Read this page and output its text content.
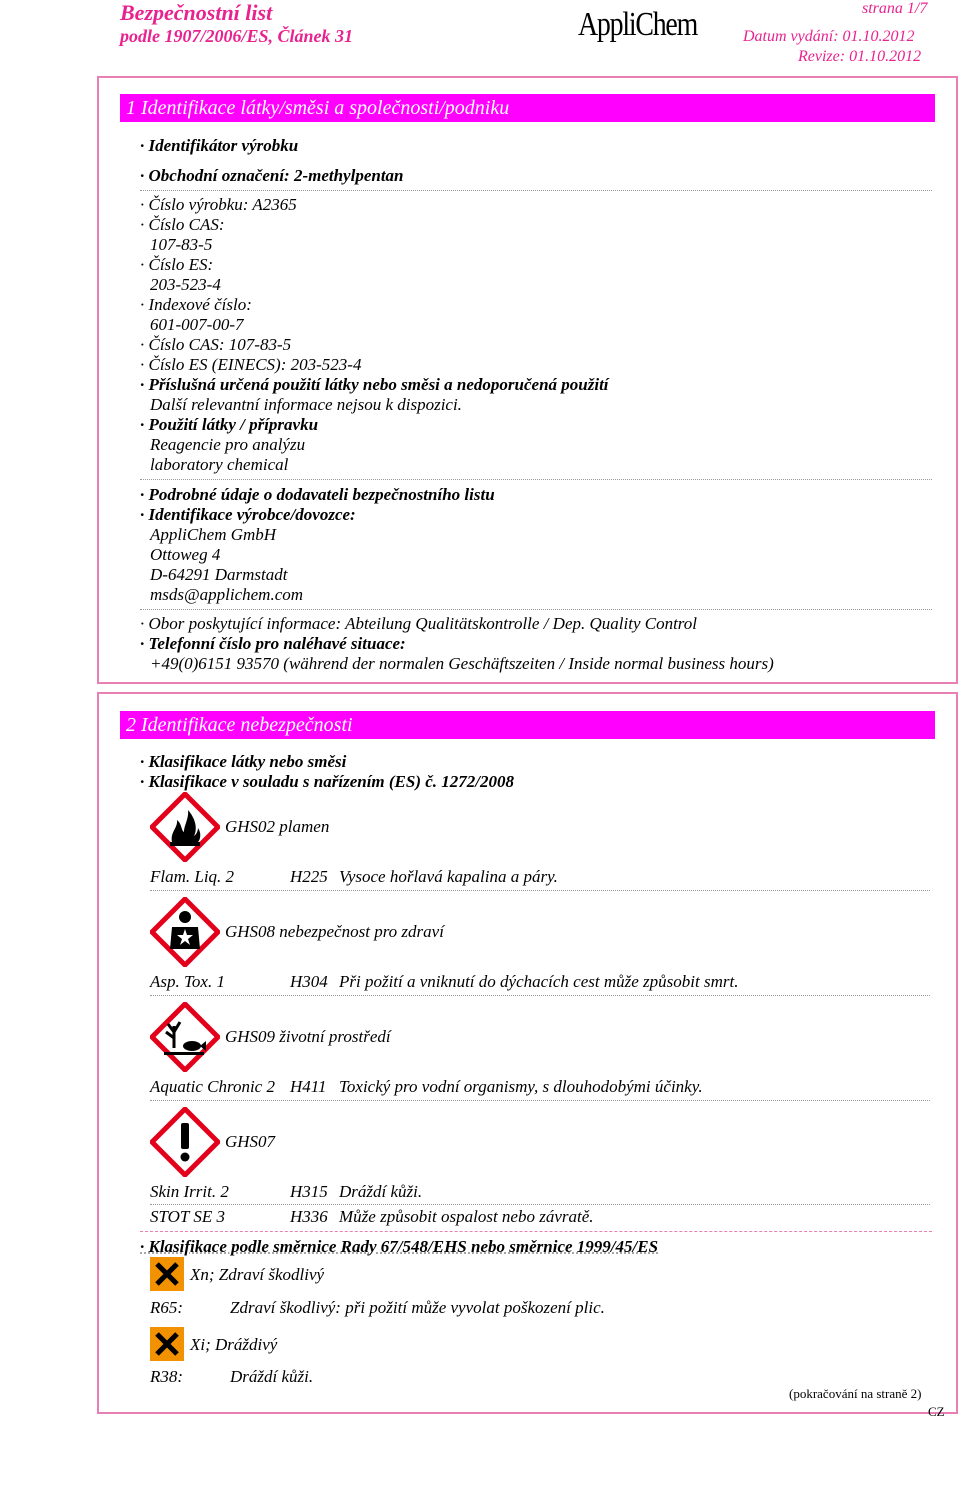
Bezpečnostní list
podle 1907/2006/ES, Článek 31	AppliChem	strana 1/7
Datum vydání: 01.10.2012
Revize: 01.10.2012
1 Identifikace látky/směsi a společnosti/podniku
· Identifikátor výrobku
· Obchodní označení: 2-methylpentan
· Číslo výrobku: A2365
· Číslo CAS:
107-83-5
· Číslo ES:
203-523-4
· Indexové číslo:
601-007-00-7
· Číslo CAS: 107-83-5
· Číslo ES (EINECS): 203-523-4
· Příslušná určená použití látky nebo směsi a nedoporučená použití
Další relevantní informace nejsou k dispozici.
· Použití látky / přípravku
Reagencie pro analýzu
laboratory chemical
· Podrobné údaje o dodavateli bezpečnostního listu
· Identifikace výrobce/dovozce:
AppliChem GmbH
Ottoweg 4
D-64291 Darmstadt
msds@applichem.com
· Obor poskytující informace: Abteilung Qualitätskontrolle / Dep. Quality Control
· Telefonní číslo pro naléhavé situace:
+49(0)6151 93570 (während der normalen Geschäftszeiten / Inside normal business hours)
2 Identifikace nebezpečnosti
· Klasifikace látky nebo směsi
· Klasifikace v souladu s nařízením (ES) č. 1272/2008
GHS02 plamen
Flam. Liq. 2	H225 Vysoce hořlavá kapalina a páry.
GHS08 nebezpečnost pro zdraví
Asp. Tox. 1	H304 Při požití a vniknutí do dýchacích cest může způsobit smrt.
GHS09 životní prostředí
Aquatic Chronic 2 H411 Toxický pro vodní organismy, s dlouhodobými účinky.
GHS07
Skin Irrit. 2	H315 Dráždí kůži.
STOT SE 3	H336 Může způsobit ospalost nebo závratě.
· Klasifikace podle směrnice Rady 67/548/EHS nebo směrnice 1999/45/ES
Xn; Zdraví škodlivý
R65:	Zdraví škodlivý: při požití může vyvolat poškození plic.
Xi; Dráždivý
R38:	Dráždí kůži.
(pokračování na straně 2)
CZ
